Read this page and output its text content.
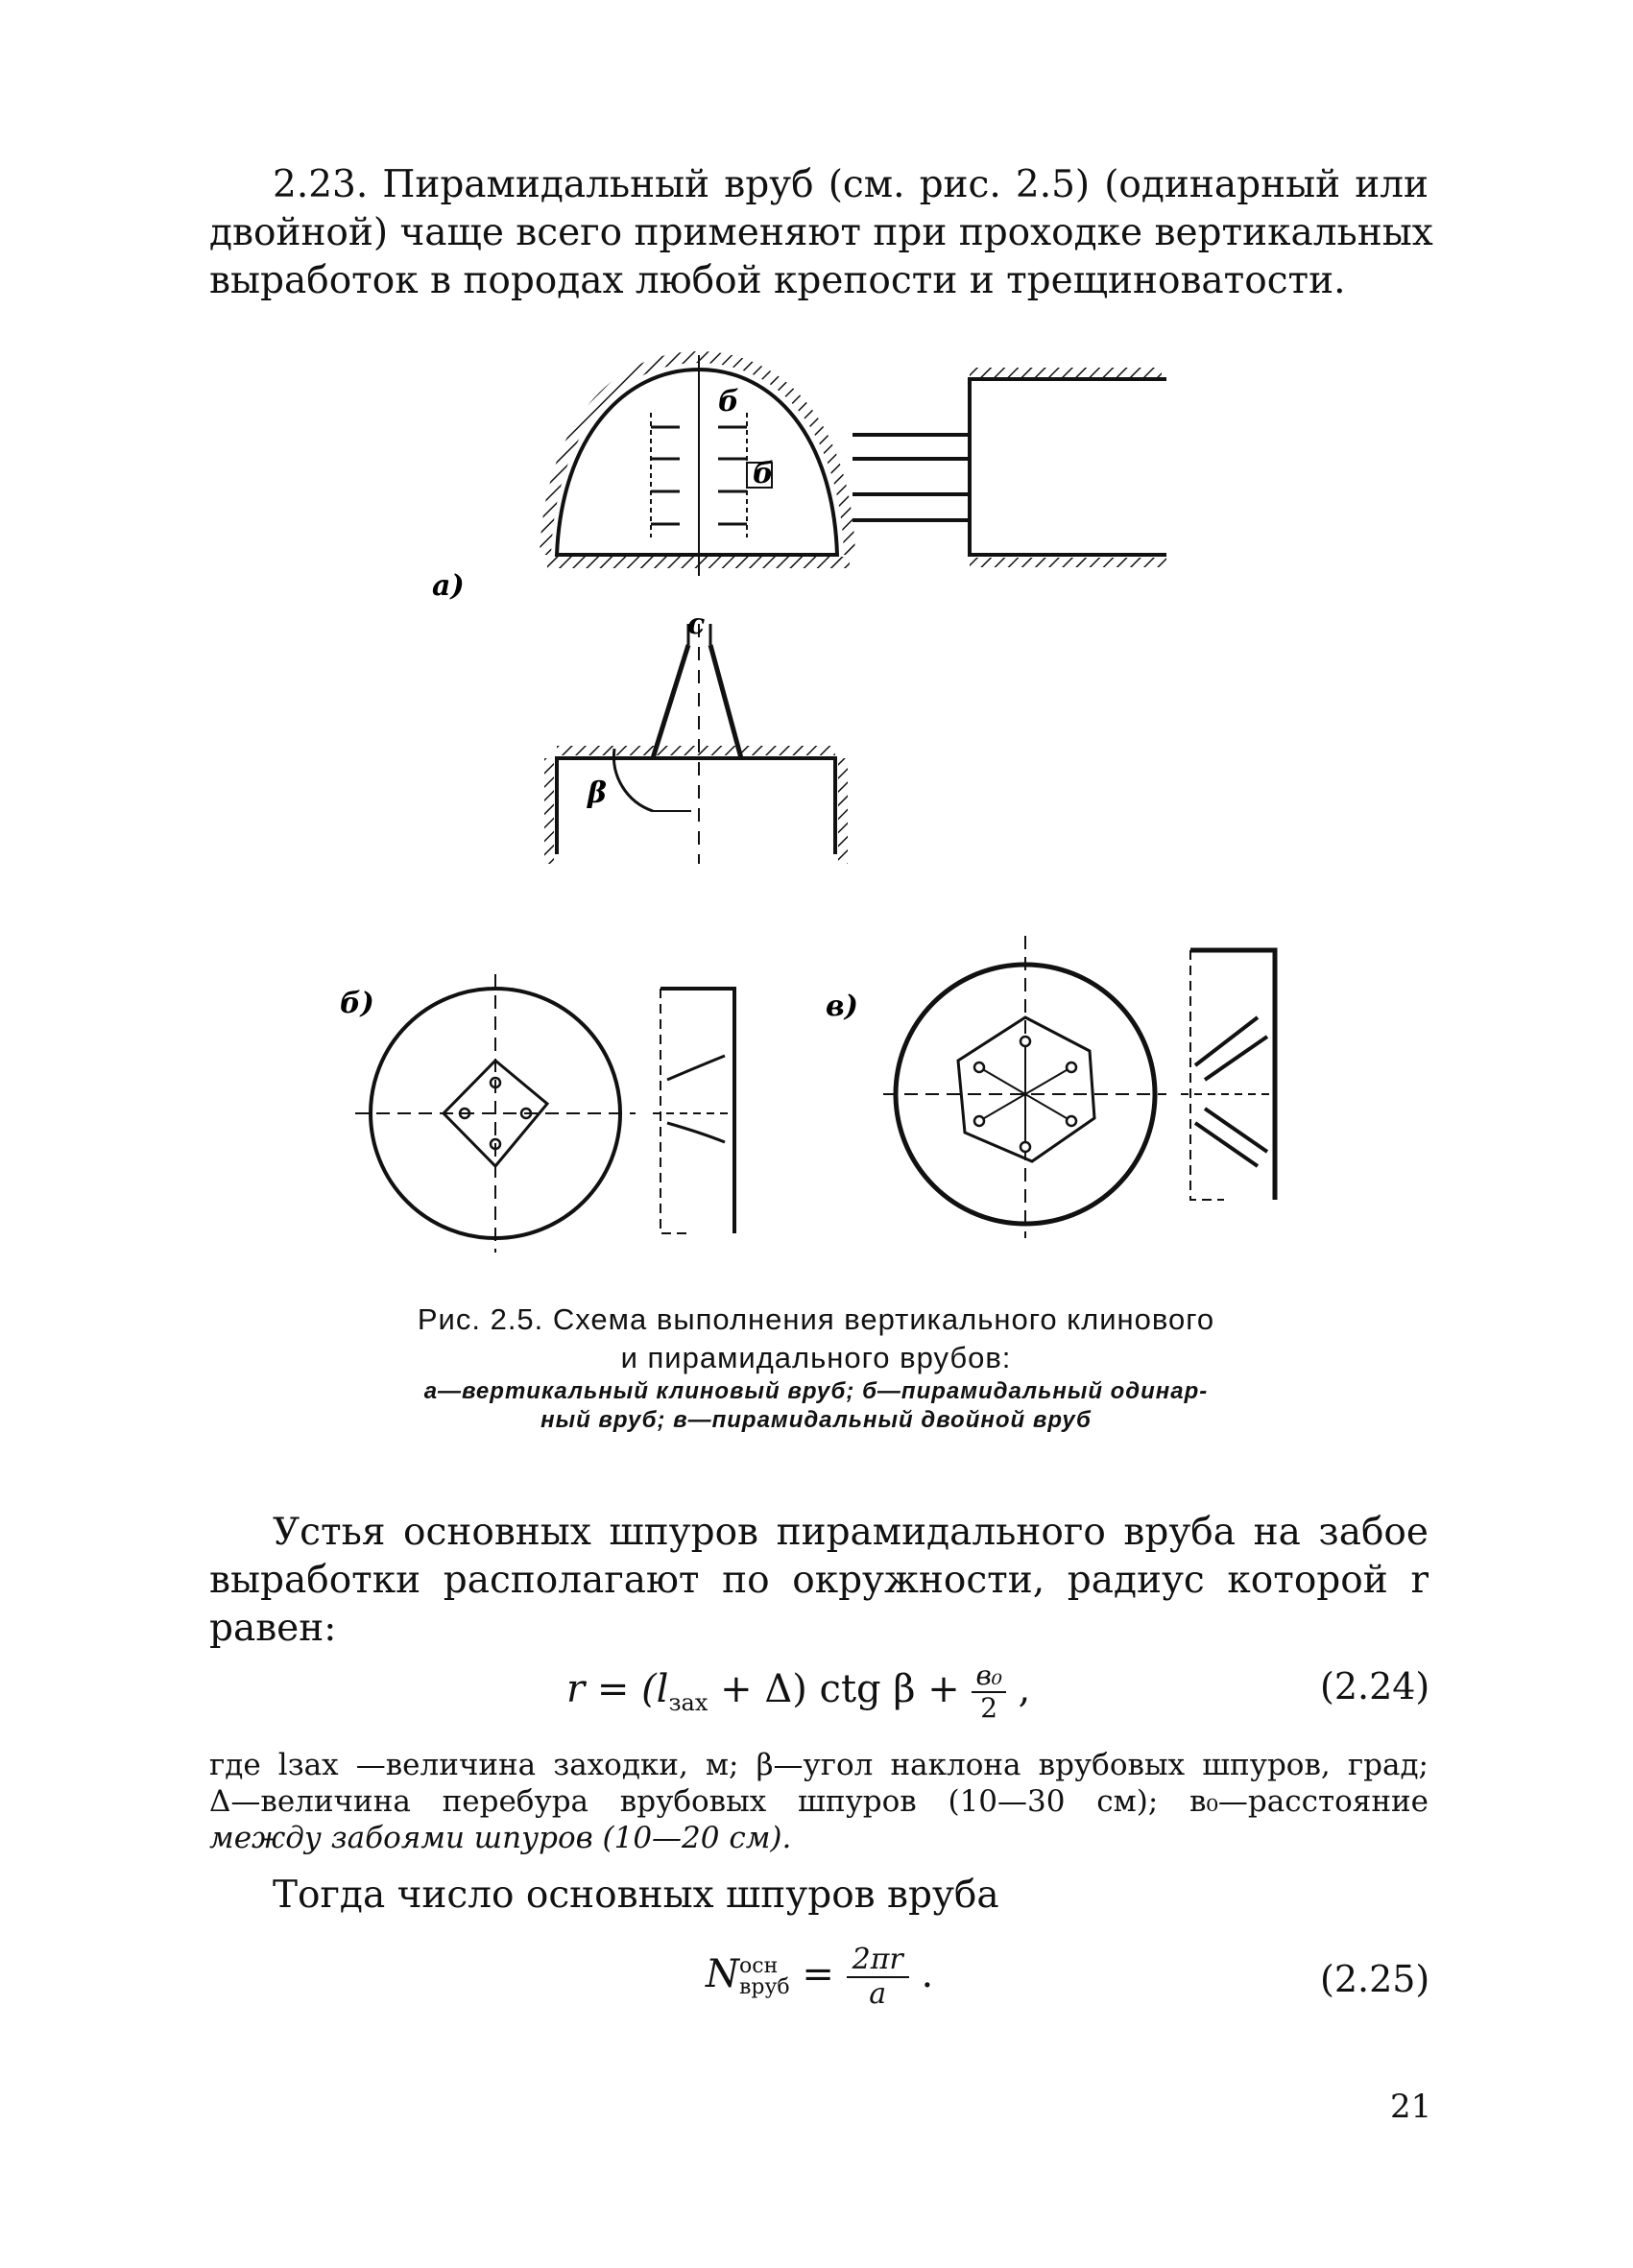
2.23. Пирамидальный вруб (см. рис. 2.5) (одинарный или
двойной) чаще всего применяют при проходке вертикальных
выработок в породах любой крепости и трещиноватости.
б
б
а)
с
β
б)	в)
Рис. 2.5. Схема выполнения вертикального клинового
и пирамидального врубов:
а—вертикальный клиновый вруб; б—пирамидальный одинар-
ный вруб; в—пирамидальный двойной вруб
Устья основных шпуров пирамидального вруба на забое
выработки располагают по окружности, радиус которой r
равен:
$r = (l_{зах} + \Delta)$ ctg β + в₀
2 ,	(2.24)
где lзах —величина заходки, м; β—угол наклона врубовых шпуров, град;
Δ—величина перебура врубовых шпуров (10—30 см); в₀—расстояние
между забоями шпуров (10—20 см).
Тогда число основных шпуров вруба
N осн
вруб = $\frac{2\pi r}{a}$ .	(2.25)
21
